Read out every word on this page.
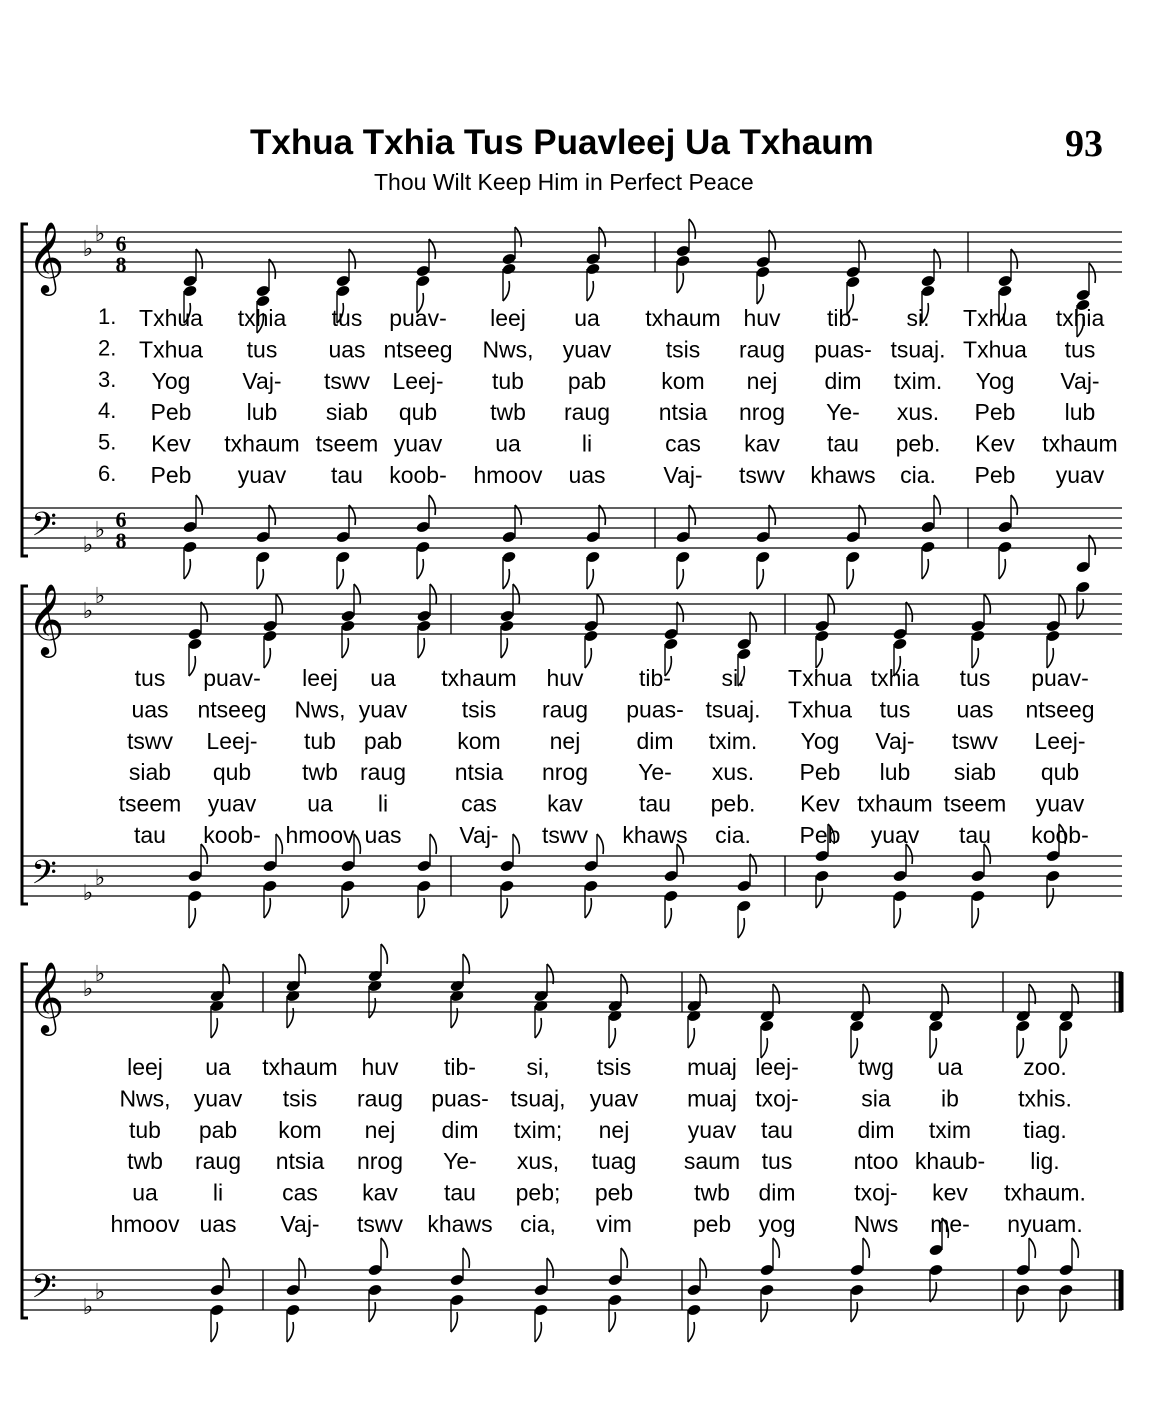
Txhua Txhia Tus Puavleej Ua Txhaum	93
Thou Wilt Keep Him in Perfect Peace
𝄞
𝄢
♭
♭
♭
♭
6
8
6
8
1.
2.
3.
4.
5.
6.
Txhua txhia tus puav- leej ua txhaum huv tib- si. Txhua txhia
Txhua tus uas ntseeg Nws, yuav tsis raug puas- tsuaj. Txhua tus
Yog Vaj- tswv Leej- tub pab kom nej dim txim. Yog Vaj-
Peb lub siab qub twb raug ntsia nrog Ye- xus. Peb lub
Kev txhaum tseem yuav ua	li	cas kav tau peb. Kev txhaum
Peb yuav tau koob- hmoov uas	Vaj- tswv khaws cia. Peb yuav
𝄞
𝄢
♭
♭
♭
♭
tus puav- leej ua txhaum huv tib- si. Txhua txhia tus puav-
uas ntseeg Nws, yuav tsis raug puas- tsuaj. Txhua tus uas ntseeg
tswv Leej- tub pab kom nej dim txim. Yog Vaj- tswv Leej-
siab qub twb raug ntsia nrog Ye- xus. Peb lub siab qub
tseem yuav ua li	cas kav tau peb. Kev txhaum tseem yuav
tau koob- hmoov uas	Vaj- tswv khaws cia. Peb yuav tau koob-
𝄞
𝄢
♭
♭
♭
♭
leej ua txhaum huv tib- si, tsis muaj leej-	twg ua	zoo.
Nws, yuav tsis raug puas- tsuaj, yuav muaj txoj-	sia ib	txhis.
tub pab kom nej dim txim; nej	yuav tau	dim txim tiag.
twb raug ntsia nrog Ye- xus, tuag saum tus	ntoo khaub- lig.
ua li	cas kav tau peb; peb	twb dim	txoj- kev txhaum.
hmoov uas Vaj- tswv khaws cia, vim	peb yog	Nws me- nyuam.
